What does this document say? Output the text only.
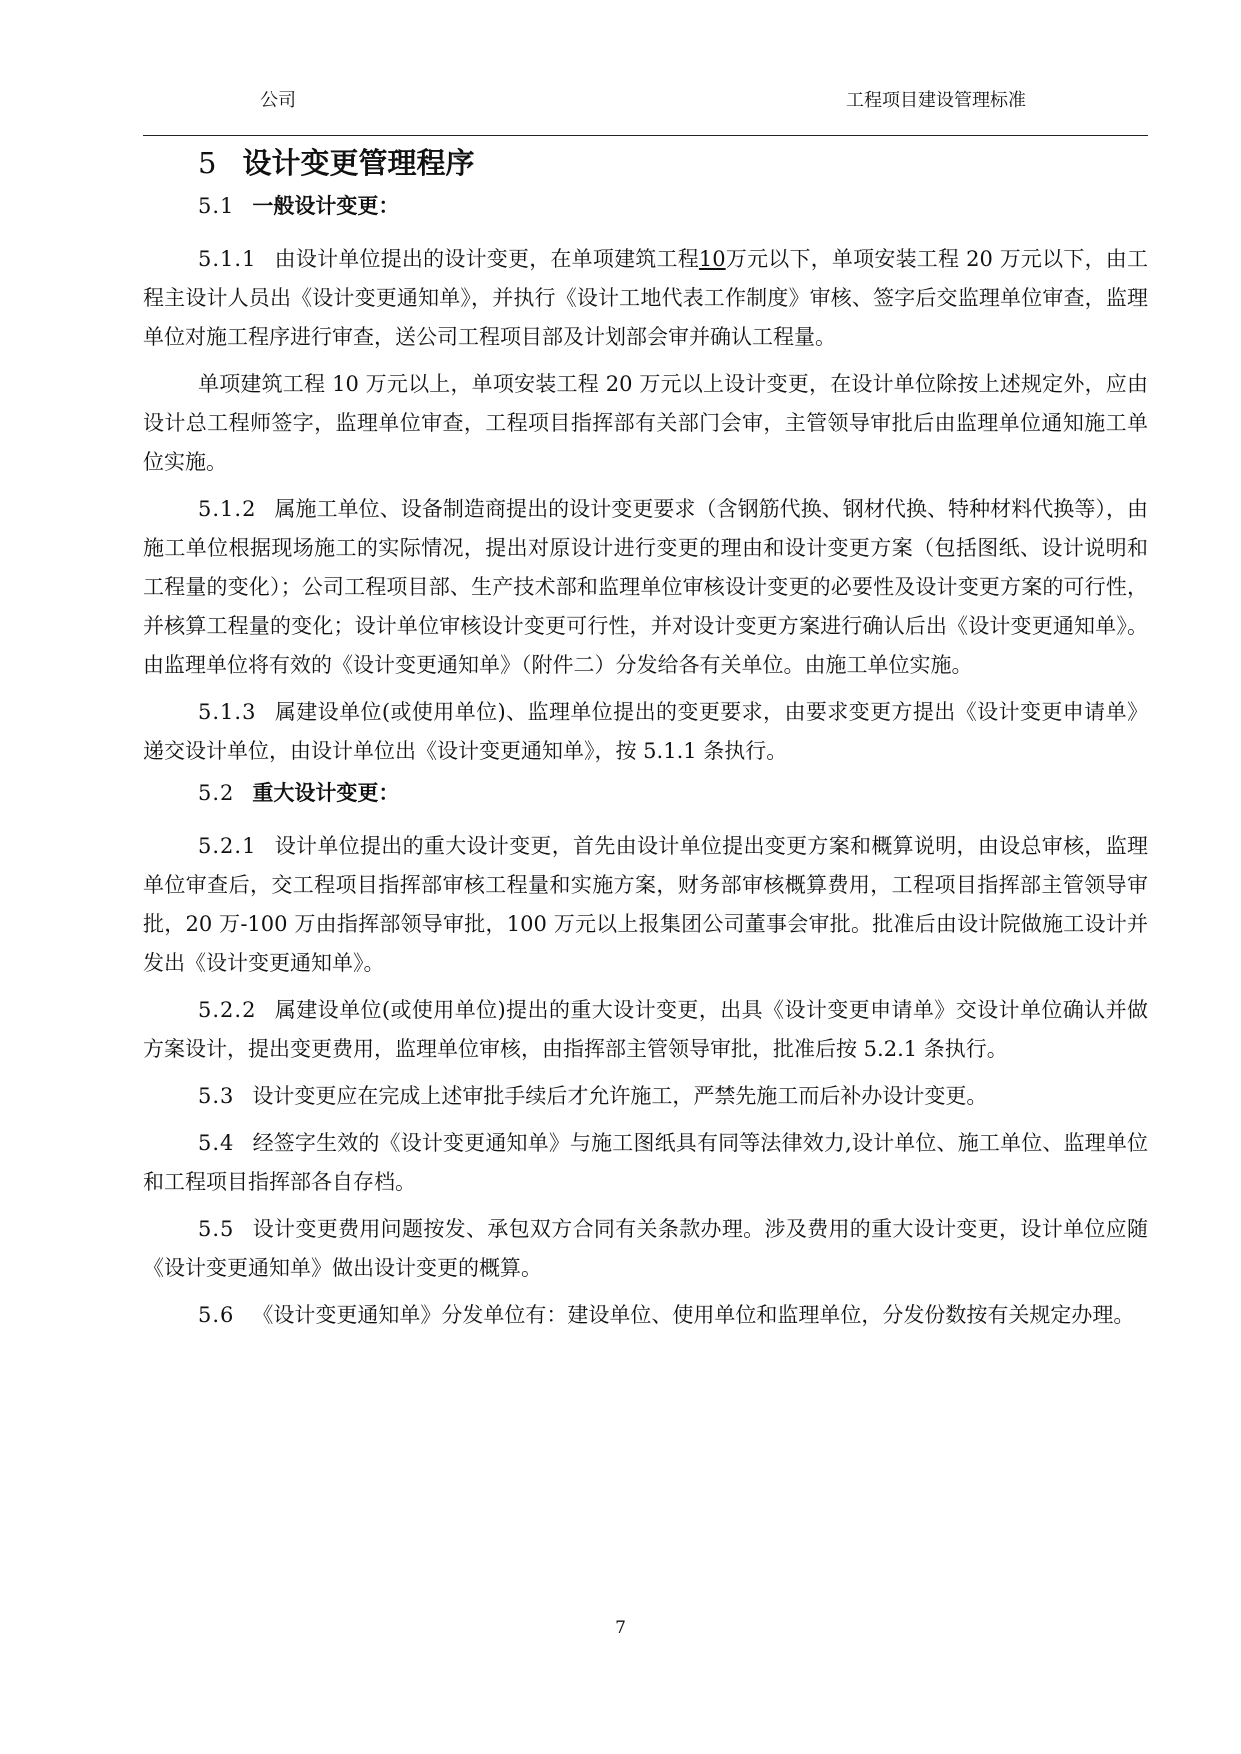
公司	工程项目建设管理标准
5 设计变更管理程序
5.1 一般设计变更：

5.1.1 由设计单位提出的设计变更，在单项建筑工程10万元以下，单项安装工程 20 万元以下，由工程主设计人员出《设计变更通知单》，并执行《设计工地代表工作制度》审核、签字后交监理单位审查，监理单位对施工程序进行审查，送公司工程项目部及计划部会审并确认工程量。

单项建筑工程 10 万元以上，单项安装工程 20 万元以上设计变更，在设计单位除按上述规定外，应由设计总工程师签字，监理单位审查，工程项目指挥部有关部门会审，主管领导审批后由监理单位通知施工单位实施。

5.1.2 属施工单位、设备制造商提出的设计变更要求（含钢筋代换、钢材代换、特种材料代换等），由施工单位根据现场施工的实际情况，提出对原设计进行变更的理由和设计变更方案（包括图纸、设计说明和工程量的变化）；公司工程项目部、生产技术部和监理单位审核设计变更的必要性及设计变更方案的可行性，并核算工程量的变化；设计单位审核设计变更可行性，并对设计变更方案进行确认后出《设计变更通知单》。由监理单位将有效的《设计变更通知单》（附件二）分发给各有关单位。由施工单位实施。

5.1.3 属建设单位(或使用单位)、监理单位提出的变更要求，由要求变更方提出《设计变更申请单》递交设计单位，由设计单位出《设计变更通知单》，按 5.1.1 条执行。

5.2 重大设计变更：

5.2.1 设计单位提出的重大设计变更，首先由设计单位提出变更方案和概算说明，由设总审核，监理单位审查后，交工程项目指挥部审核工程量和实施方案，财务部审核概算费用，工程项目指挥部主管领导审批，20 万-100 万由指挥部领导审批，100 万元以上报集团公司董事会审批。批准后由设计院做施工设计并发出《设计变更通知单》。

5.2.2 属建设单位(或使用单位)提出的重大设计变更，出具《设计变更申请单》交设计单位确认并做方案设计，提出变更费用，监理单位审核，由指挥部主管领导审批，批准后按 5.2.1 条执行。

5.3 设计变更应在完成上述审批手续后才允许施工，严禁先施工而后补办设计变更。

5.4 经签字生效的《设计变更通知单》与施工图纸具有同等法律效力,设计单位、施工单位、监理单位和工程项目指挥部各自存档。

5.5 设计变更费用问题按发、承包双方合同有关条款办理。涉及费用的重大设计变更，设计单位应随《设计变更通知单》做出设计变更的概算。

5.6 《设计变更通知单》分发单位有：建设单位、使用单位和监理单位，分发份数按有关规定办理。

7
